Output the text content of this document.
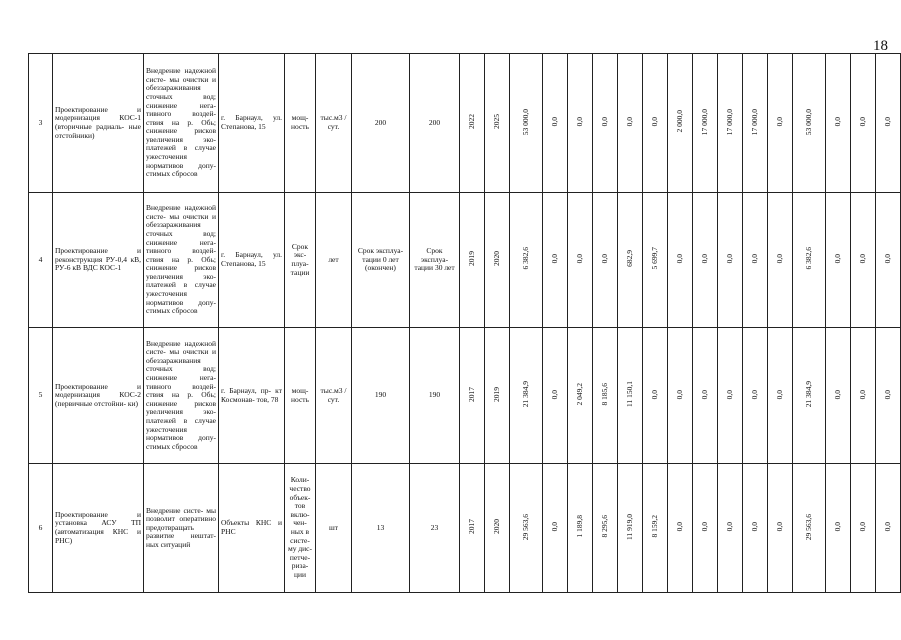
18
3	Проектирование и модернизация КОС-1 (вторичные радиаль- ные отстойники)	Внедрение надежной систе- мы очистки и обеззараживания сточных вод; снижение нега- тивного воздей- ствия на р. Обь; снижение рисков увеличения эко- платежей в случае ужесточения нормативов допу- стимых сбросов	г. Барнаул, ул. Степанова, 15	мощ- ность	тыс.м3 /сут.	200	200	2022	2025	53 000,0	0,0	0,0	0,0	0,0	0,0	2 000,0	17 000,0	17 000,0	17 000,0	0,0	53 000,0	0,0	0,0	0,0
4	Проектирование и реконструкция РУ-0,4 кВ, РУ-6 кВ ВДС КОС-1	Внедрение надежной систе- мы очистки и обеззараживания сточных вод; снижение нега- тивного воздей- ствия на р. Обь; снижение рисков увеличения эко- платежей в случае ужесточения нормативов допу- стимых сбросов	г. Барнаул, ул. Степанова, 15	Срок экс- плуа- тации	лет	Срок эксплуа- тации 0 лет (окончен)	Срок эксплуа- тации 30 лет	2019	2020	6 382,6	0,0	0,0	0,0	682,9	5 699,7	0,0	0,0	0,0	0,0	0,0	6 382,6	0,0	0,0	0,0
5	Проектирование и модернизация КОС-2 (первичные отстойни- ки)	Внедрение надежной систе- мы очистки и обеззараживания сточных вод; снижение нега- тивного воздей- ствия на р. Обь; снижение рисков увеличения эко- платежей в случае ужесточения нормативов допу- стимых сбросов	г. Барнаул, пр- кт Космонав- тов, 78	мощ- ность	тыс.м3 /сут.	190	190	2017	2019	21 384,9	0,0	2 049,2	8 185,6	11 150,1	0,0	0,0	0,0	0,0	0,0	0,0	21 384,9	0,0	0,0	0,0
6	Проектирование и установка АСУ ТП (автоматизация КНС и РНС)	Внедрение систе- мы позволит оперативно предотвращать развитие нештат- ных ситуаций	Объекты КНС и РНС	Коли- чество объек- тов вклю- чен- ных в систе- му дис- петче- риза- ции	шт	13	23	2017	2020	29 563,6	0,0	1 189,8	8 295,6	11 919,0	8 159,2	0,0	0,0	0,0	0,0	0,0	29 563,6	0,0	0,0	0,0
